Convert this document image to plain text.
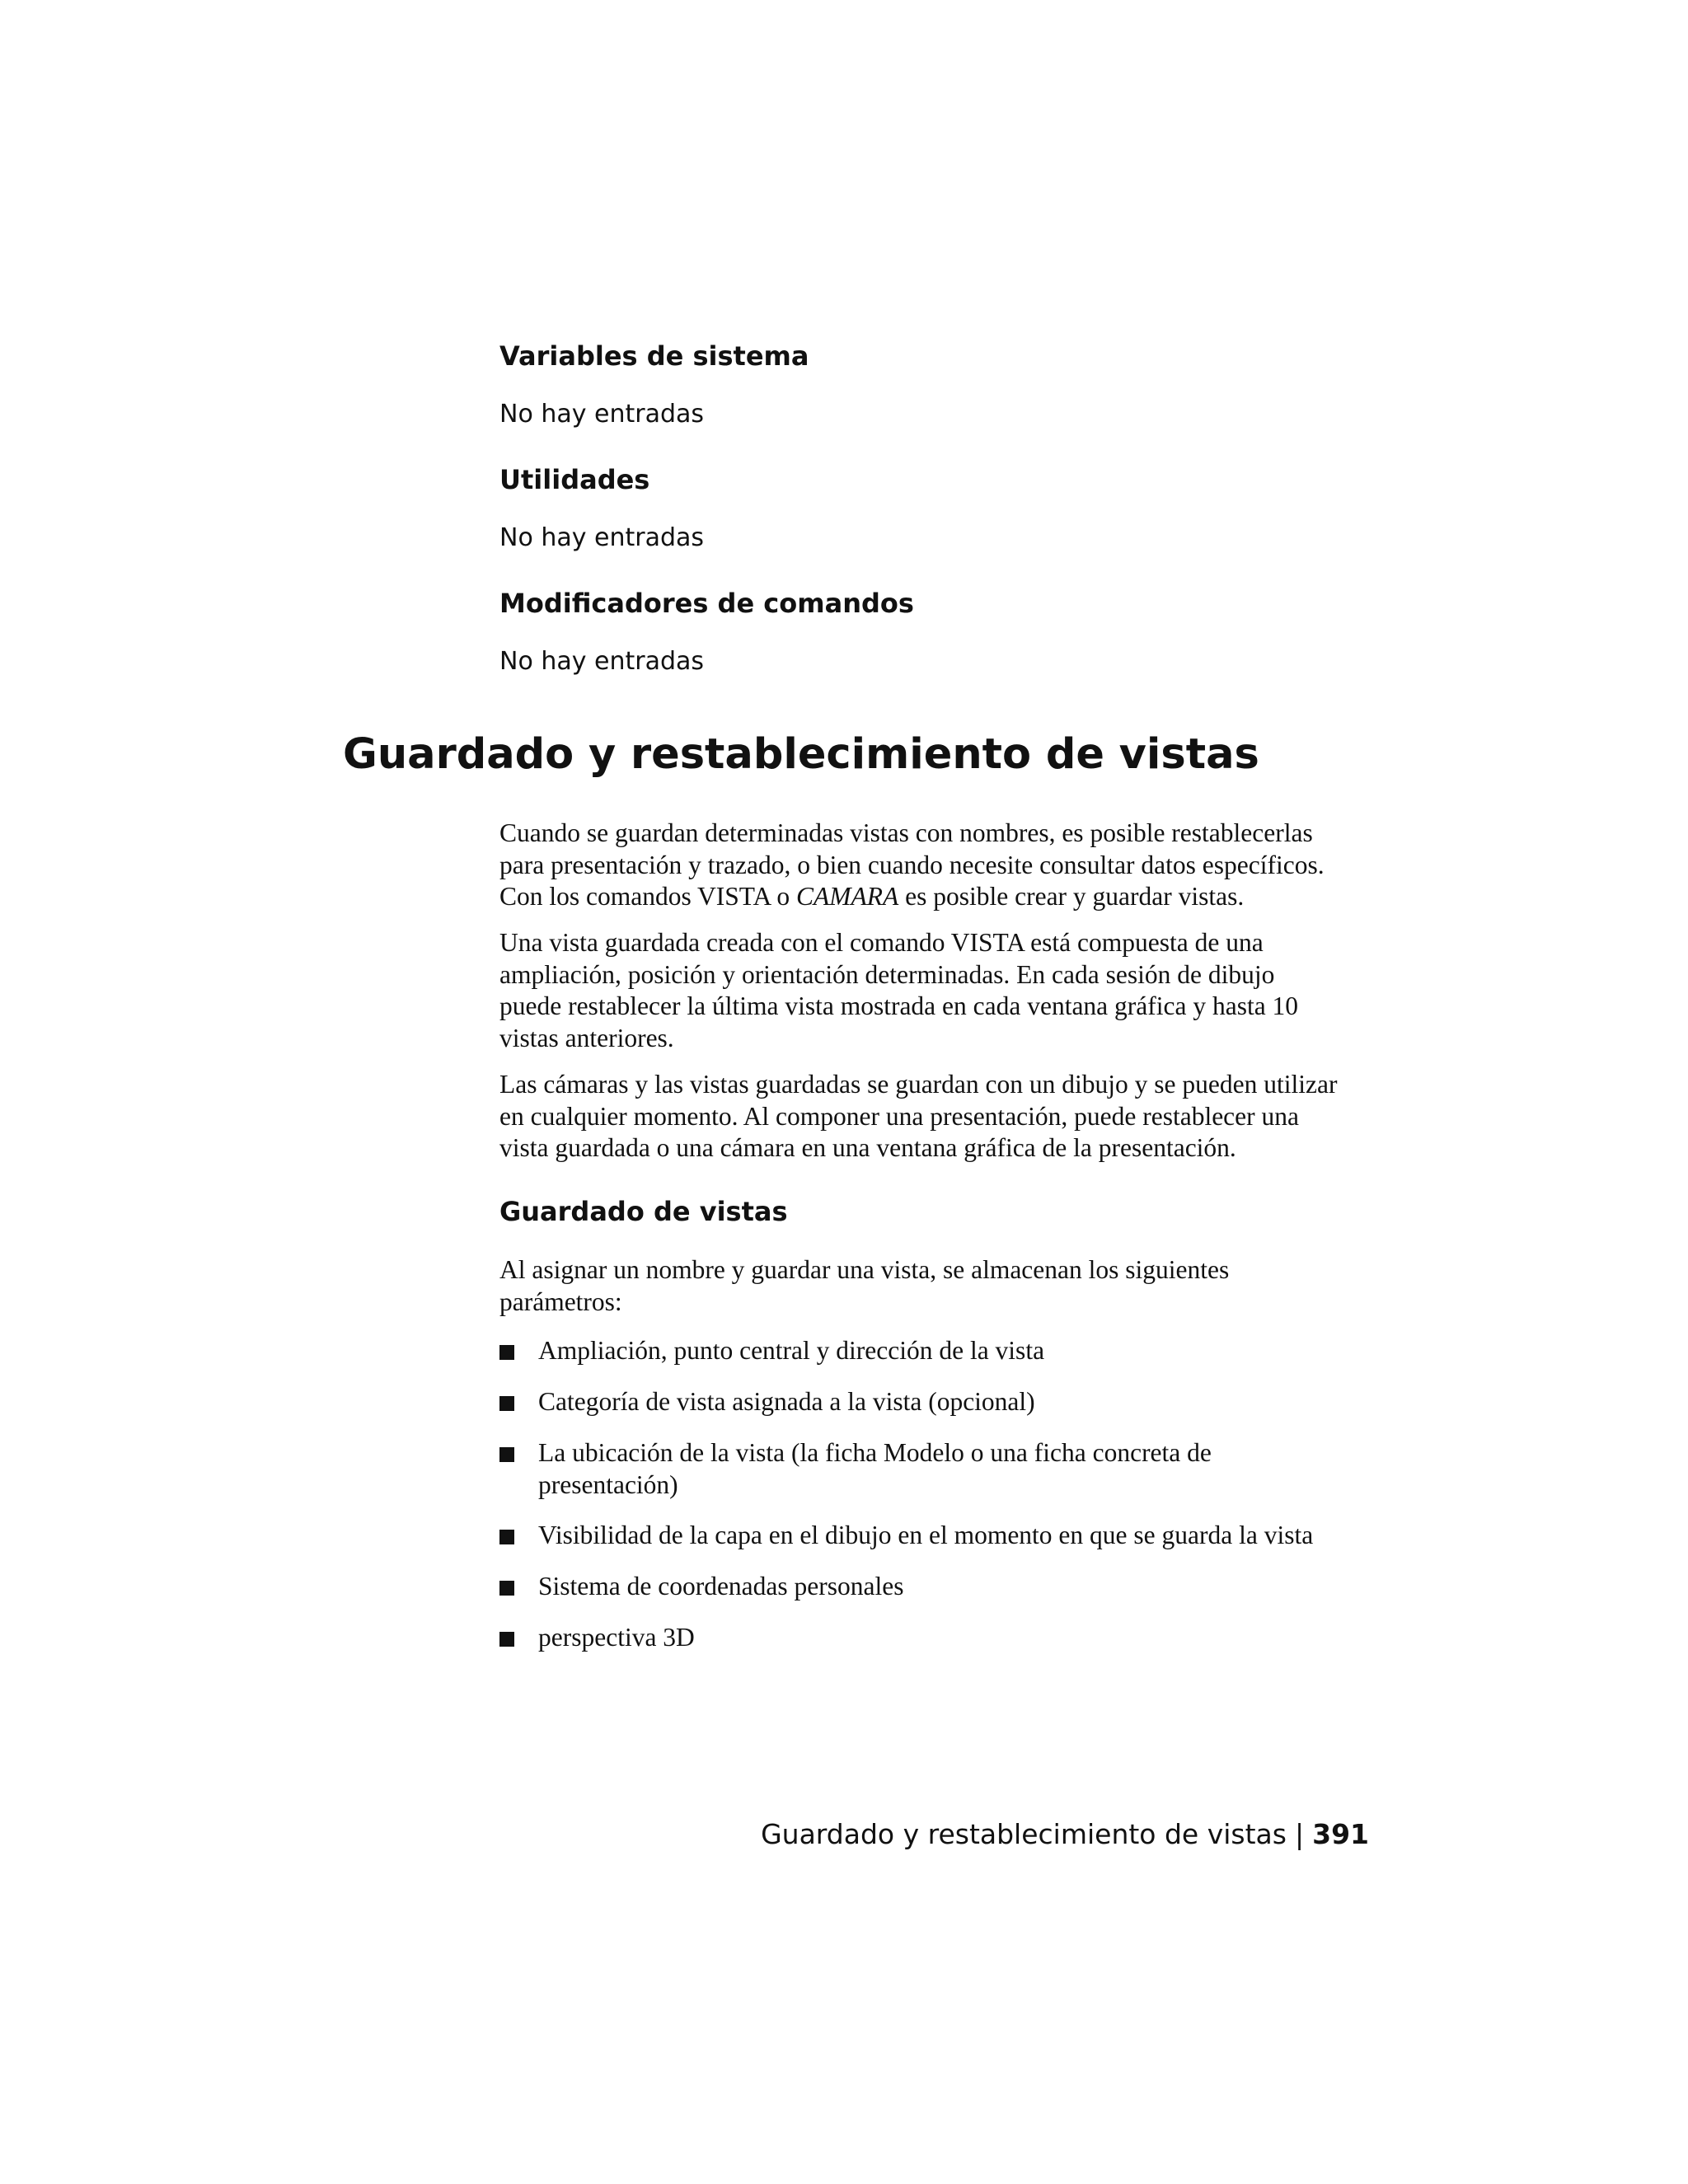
Variables de sistema

No hay entradas

Utilidades

No hay entradas

Modificadores de comandos

No hay entradas

Guardado y restablecimiento de vistas
Cuando se guardan determinadas vistas con nombres, es posible restablecerlas
para presentación y trazado, o bien cuando necesite consultar datos específicos.
Con los comandos VISTA o CAMARA es posible crear y guardar vistas.
Una vista guardada creada con el comando VISTA está compuesta de una
ampliación, posición y orientación determinadas. En cada sesión de dibujo
puede restablecer la última vista mostrada en cada ventana gráfica y hasta 10
vistas anteriores.
Las cámaras y las vistas guardadas se guardan con un dibujo y se pueden utilizar
en cualquier momento. Al componer una presentación, puede restablecer una
vista guardada o una cámara en una ventana gráfica de la presentación.
Guardado de vistas
Al asignar un nombre y guardar una vista, se almacenan los siguientes
parámetros:
Ampliación, punto central y dirección de la vista
Categoría de vista asignada a la vista (opcional)
La ubicación de la vista (la ficha Modelo o una ficha concreta de
presentación)
Visibilidad de la capa en el dibujo en el momento en que se guarda la vista
Sistema de coordenadas personales
perspectiva 3D

Guardado y restablecimiento de vistas | 391
